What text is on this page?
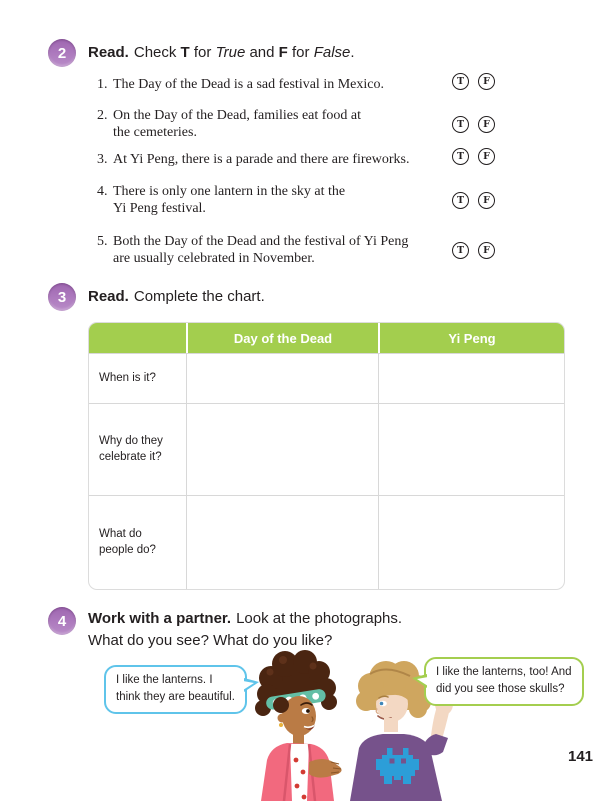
2	Read. Check T for True and F for False.
1. The Day of the Dead is a sad festival in Mexico.	T	F
2. On the Day of the Dead, families eat food at
the cemeteries.
T	F
3. At Yi Peng, there is a parade and there are fireworks.	T	F
4. There is only one lantern in the sky at the
Yi Peng festival.
T	F
5. Both the Day of the Dead and the festival of Yi Peng
are usually celebrated in November.
T	F
3	Read. Complete the chart.
Day of the Dead	Yi Peng
When is it?
Why do they celebrate it?
What do people do?
4	Work with a partner. Look at the photographs.
What do you see? What do you like?
I like the lanterns. I
think they are beautiful.
I like the lanterns, too! And
did you see those skulls?
141
